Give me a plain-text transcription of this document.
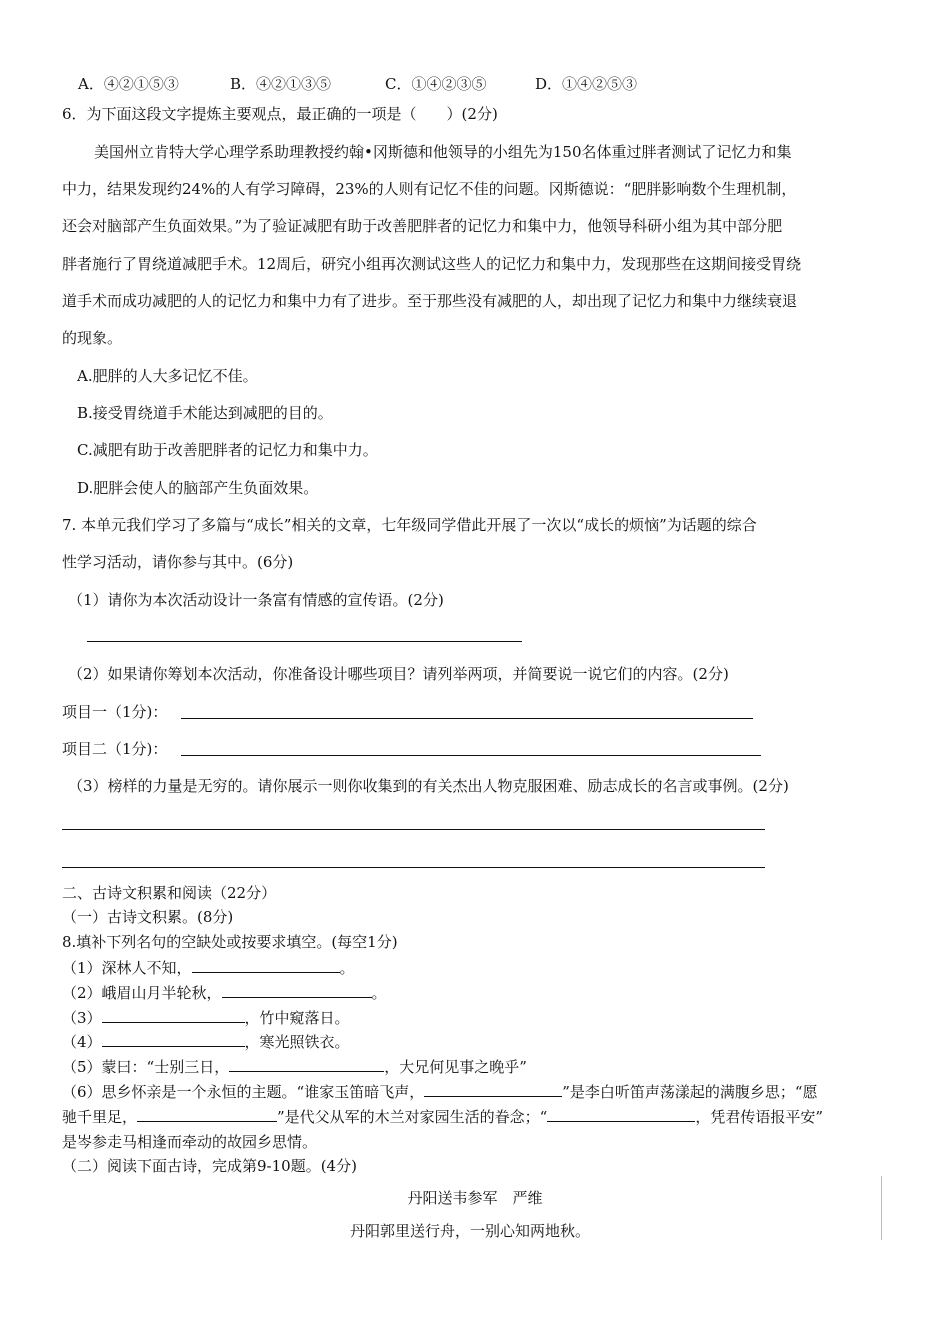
A．④②①⑤③	B．④②①③⑤	C．①④②③⑤	D．①④②⑤③
6．为下面这段文字提炼主要观点，最正确的一项是（　　）(2分)
美国州立肯特大学心理学系助理教授约翰•冈斯德和他领导的小组先为150名体重过胖者测试了记忆力和集
中力，结果发现约24%的人有学习障碍，23%的人则有记忆不佳的问题。冈斯德说：“肥胖影响数个生理机制，
还会对脑部产生负面效果。”为了验证减肥有助于改善肥胖者的记忆力和集中力，他领导科研小组为其中部分肥
胖者施行了胃绕道减肥手术。12周后，研究小组再次测试这些人的记忆力和集中力，发现那些在这期间接受胃绕
道手术而成功减肥的人的记忆力和集中力有了进步。至于那些没有减肥的人，却出现了记忆力和集中力继续衰退
的现象。
A.肥胖的人大多记忆不佳。
B.接受胃绕道手术能达到减肥的目的。
C.减肥有助于改善肥胖者的记忆力和集中力。
D.肥胖会使人的脑部产生负面效果。
7. 本单元我们学习了多篇与“成长”相关的文章，七年级同学借此开展了一次以“成长的烦恼”为话题的综合
性学习活动，请你参与其中。(6分)
（1）请你为本次活动设计一条富有情感的宣传语。(2分)
（2）如果请你筹划本次活动，你准备设计哪些项目？请列举两项，并简要说一说它们的内容。(2分)
项目一（1分)：
项目二（1分)：
（3）榜样的力量是无穷的。请你展示一则你收集到的有关杰出人物克服困难、励志成长的名言或事例。(2分)
二、古诗文积累和阅读（22分）
（一）古诗文积累。(8分)
8.填补下列名句的空缺处或按要求填空。(每空1分)
（1）深林人不知，	。
（2）峨眉山月半轮秋，	。
（3）	，竹中窥落日。
（4）	，寒光照铁衣。
（5）蒙曰：“士别三日，	，大兄何见事之晚乎”
（6）思乡怀亲是一个永恒的主题。“谁家玉笛暗飞声，	”是李白听笛声荡漾起的满腹乡思；“愿
驰千里足，	”是代父从军的木兰对家园生活的眷念；“	，凭君传语报平安”
是岑参走马相逢而牵动的故园乡思情。
（二）阅读下面古诗，完成第9-10题。(4分)
丹阳送韦参军　严维
丹阳郭里送行舟，一别心知两地秋。
